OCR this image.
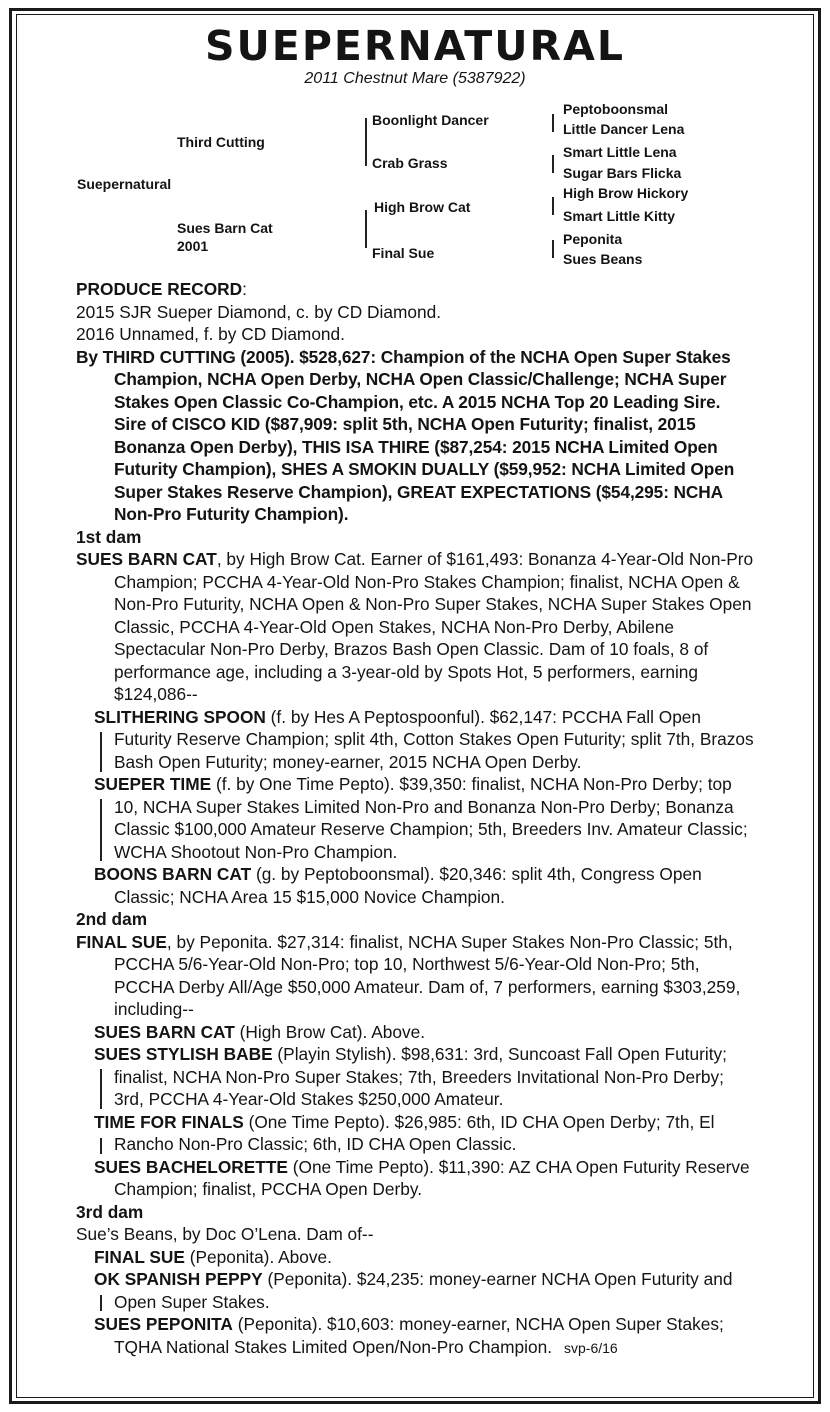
SUEPERNATURAL
2011 Chestnut Mare (5387922)
Suepernatural
Third Cutting
Sues Barn Cat
2001
Boonlight Dancer
Crab Grass
High Brow Cat
Final Sue
Peptoboonsmal
Little Dancer Lena
Smart Little Lena
Sugar Bars Flicka
High Brow Hickory
Smart Little Kitty
Peponita
Sues Beans

PRODUCE RECORD:

2015 SJR Sueper Diamond, c. by CD Diamond.

2016 Unnamed, f. by CD Diamond.

By THIRD CUTTING (2005). $528,627: Champion of the NCHA Open Super Stakes Champion, NCHA Open Derby, NCHA Open Classic/Challenge; NCHA Super Stakes Open Classic Co-Champion, etc. A 2015 NCHA Top 20 Leading Sire. Sire of CISCO KID ($87,909: split 5th, NCHA Open Futurity; finalist, 2015 Bonanza Open Derby), THIS ISA THIRE ($87,254: 2015 NCHA Limited Open Futurity Champion), SHES A SMOKIN DUALLY ($59,952: NCHA Limited Open Super Stakes Reserve Champion), GREAT EXPECTATIONS ($54,295: NCHA Non-Pro Futurity Champion).

1st dam

SUES BARN CAT, by High Brow Cat. Earner of $161,493: Bonanza 4-Year-Old Non-Pro Champion; PCCHA 4-Year-Old Non-Pro Stakes Champion; finalist, NCHA Open & Non-Pro Futurity, NCHA Open & Non-Pro Super Stakes, NCHA Super Stakes Open Classic, PCCHA 4-Year-Old Open Stakes, NCHA Non-Pro Derby, Abilene Spectacular Non-Pro Derby, Brazos Bash Open Classic. Dam of 10 foals, 8 of performance age, including a 3-year-old by Spots Hot, 5 performers, earning $124,086--

SLITHERING SPOON (f. by Hes A Peptospoonful). $62,147: PCCHA Fall Open Futurity Reserve Champion; split 4th, Cotton Stakes Open Futurity; split 7th, Brazos Bash Open Futurity; money-earner, 2015 NCHA Open Derby.

SUEPER TIME (f. by One Time Pepto). $39,350: finalist, NCHA Non-Pro Derby; top 10, NCHA Super Stakes Limited Non-Pro and Bonanza Non-Pro Derby; Bonanza Classic $100,000 Amateur Reserve Champion; 5th, Breeders Inv. Amateur Classic; WCHA Shootout Non-Pro Champion.

BOONS BARN CAT (g. by Peptoboonsmal). $20,346: split 4th, Congress Open Classic; NCHA Area 15 $15,000 Novice Champion.

2nd dam

FINAL SUE, by Peponita. $27,314: finalist, NCHA Super Stakes Non-Pro Classic; 5th, PCCHA 5/6-Year-Old Non-Pro; top 10, Northwest 5/6-Year-Old Non-Pro; 5th, PCCHA Derby All/Age $50,000 Amateur. Dam of, 7 performers, earning $303,259, including--

SUES BARN CAT (High Brow Cat). Above.

SUES STYLISH BABE (Playin Stylish). $98,631: 3rd, Suncoast Fall Open Futurity; finalist, NCHA Non-Pro Super Stakes; 7th, Breeders Invitational Non-Pro Derby; 3rd, PCCHA 4-Year-Old Stakes $250,000 Amateur.

TIME FOR FINALS (One Time Pepto). $26,985: 6th, ID CHA Open Derby; 7th, El Rancho Non-Pro Classic; 6th, ID CHA Open Classic.

SUES BACHELORETTE (One Time Pepto). $11,390: AZ CHA Open Futurity Reserve Champion; finalist, PCCHA Open Derby.

3rd dam

Sue’s Beans, by Doc O’Lena. Dam of--

FINAL SUE (Peponita). Above.

OK SPANISH PEPPY (Peponita). $24,235: money-earner NCHA Open Futurity and Open Super Stakes.

SUES PEPONITA (Peponita). $10,603: money-earner, NCHA Open Super Stakes; TQHA National Stakes Limited Open/Non-Pro Champion. svp-6/16
